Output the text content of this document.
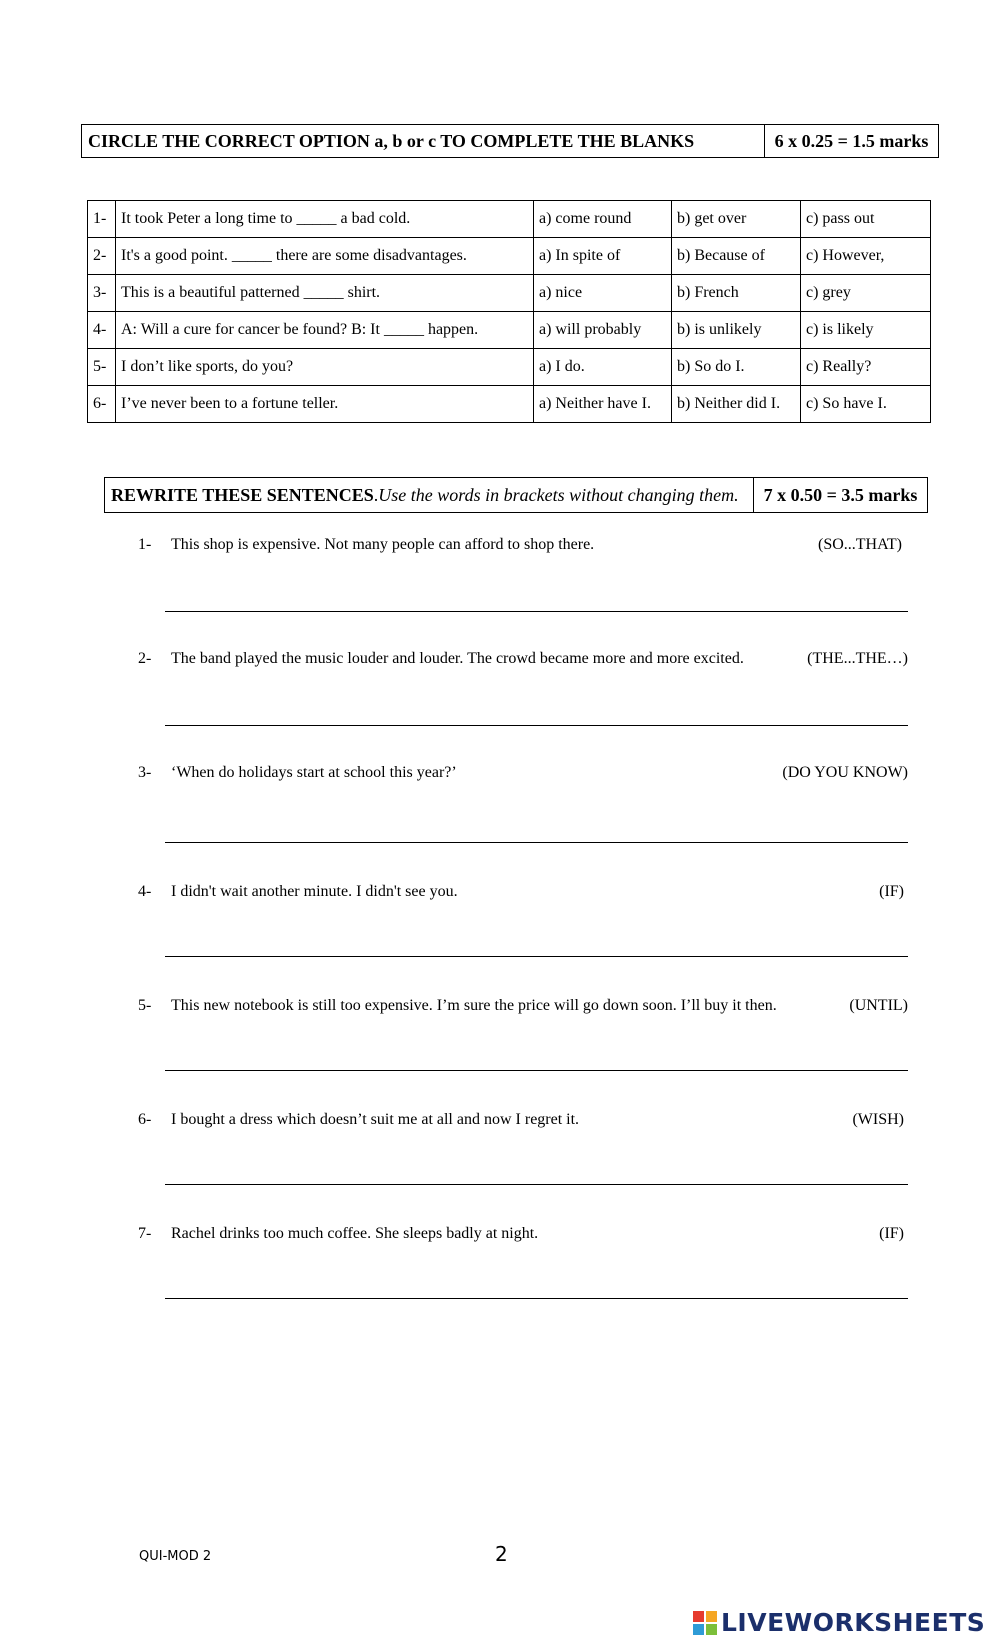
CIRCLE THE CORRECT OPTION a, b or c TO COMPLETE THE BLANKS	6 x 0.25 = 1.5 marks
1-	It took Peter a long time to _____ a bad cold.	a) come round	b) get over	c) pass out
2-	It's a good point. _____ there are some disadvantages.	a) In spite of	b) Because of	c) However,
3-	This is a beautiful patterned _____ shirt.	a) nice	b) French	c) grey
4-	A: Will a cure for cancer be found? B: It _____ happen.	a) will probably	b) is unlikely	c) is likely
5-	I don’t like sports, do you?	a) I do.	b) So do I.	c) Really?
6-	I’ve never been to a fortune teller.	a) Neither have I.	b) Neither did I.	c) So have I.
REWRITE THESE SENTENCES . Use the words in brackets without changing them.	7 x 0.50 = 3.5 marks
1- This shop is expensive. Not many people can afford to shop there.	(SO...THAT)
2- The band played the music louder and louder. The crowd became more and more excited.	(THE...THE…)
3- ‘When do holidays start at school this year?’	(DO YOU KNOW)
4- I didn't wait another minute. I didn't see you.	(IF)
5- This new notebook is still too expensive. I’m sure the price will go down soon. I’ll buy it then.	(UNTIL)
6- I bought a dress which doesn’t suit me at all and now I regret it.	(WISH)
7- Rachel drinks too much coffee. She sleeps badly at night.	(IF)
QUI-MOD 2	2
LIVEWORKSHEETS
